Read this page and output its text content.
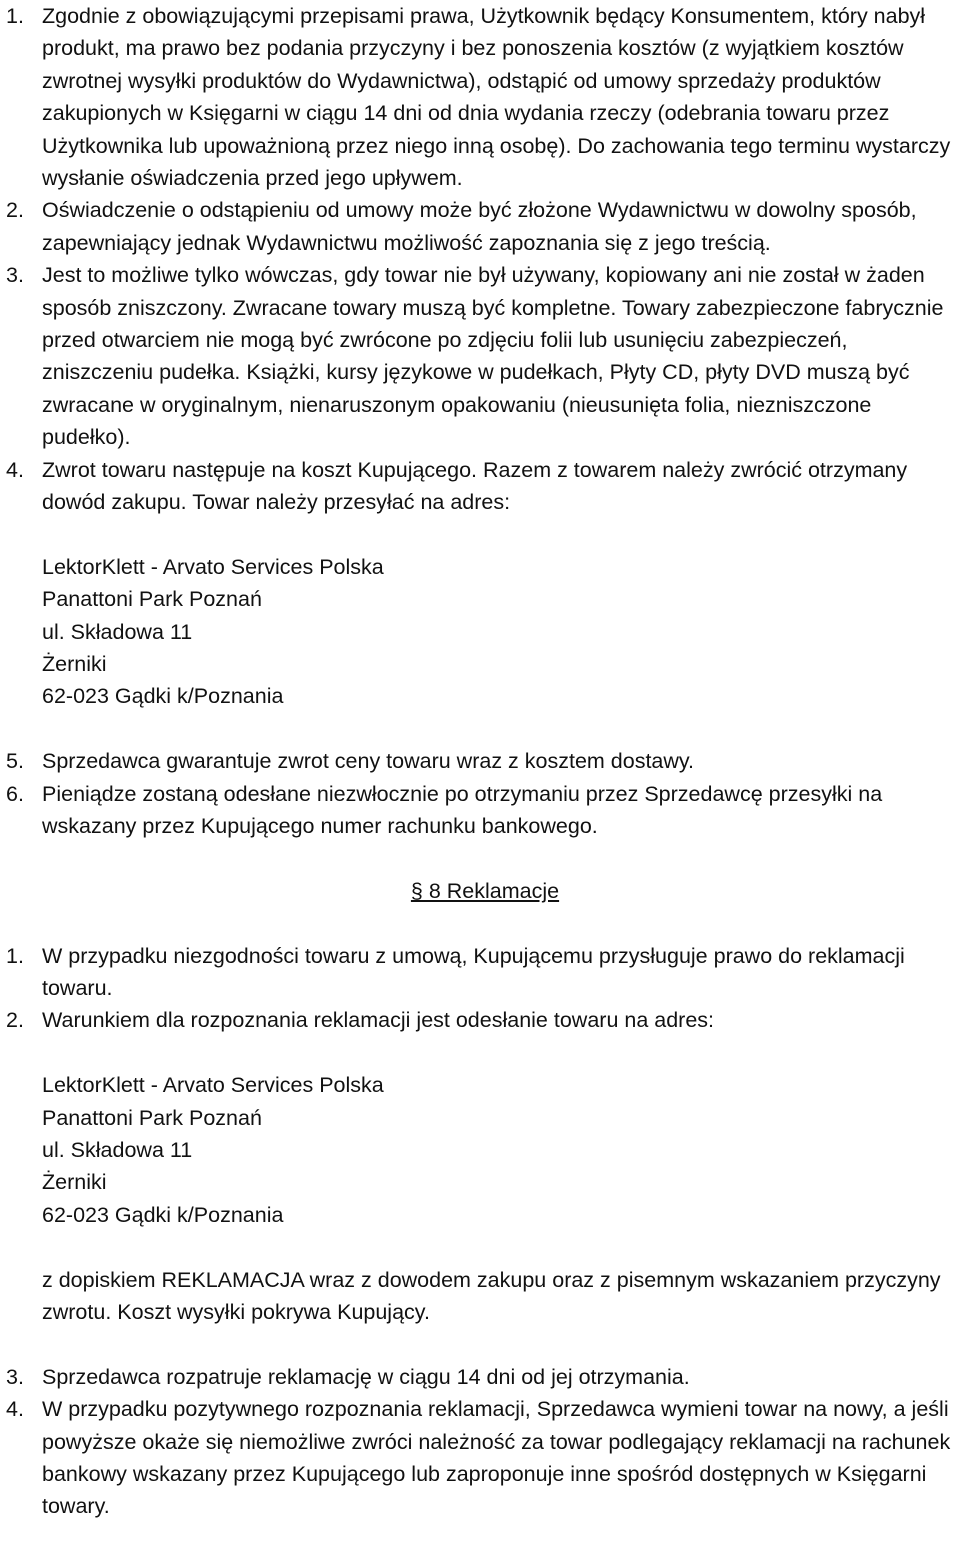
1. Zgodnie z obowiązującymi przepisami prawa, Użytkownik będący Konsumentem, który nabył produkt, ma prawo bez podania przyczyny i bez ponoszenia kosztów (z wyjątkiem kosztów zwrotnej wysyłki produktów do Wydawnictwa), odstąpić od umowy sprzedaży produktów zakupionych w Księgarni w ciągu 14 dni od dnia wydania rzeczy (odebrania towaru przez Użytkownika lub upoważnioną przez niego inną osobę). Do zachowania tego terminu wystarczy wysłanie oświadczenia przed jego upływem.
2. Oświadczenie o odstąpieniu od umowy może być złożone Wydawnictwu w dowolny sposób, zapewniający jednak Wydawnictwu możliwość zapoznania się z jego treścią.
3. Jest to możliwe tylko wówczas, gdy towar nie był używany, kopiowany ani nie został w żaden sposób zniszczony. Zwracane towary muszą być kompletne. Towary zabezpieczone fabrycznie przed otwarciem nie mogą być zwrócone po zdjęciu folii lub usunięciu zabezpieczeń, zniszczeniu pudełka. Książki, kursy językowe w pudełkach, Płyty CD, płyty DVD muszą być zwracane w oryginalnym, nienaruszonym opakowaniu (nieusunięta folia, niezniszczone pudełko).
4. Zwrot towaru następuje na koszt Kupującego. Razem z towarem należy zwrócić otrzymany dowód zakupu. Towar należy przesyłać na adres:
LektorKlett - Arvato Services Polska
Panattoni Park Poznań
ul. Składowa 11
Żerniki
62-023 Gądki k/Poznania
5. Sprzedawca gwarantuje zwrot ceny towaru wraz z kosztem dostawy.
6. Pieniądze zostaną odesłane niezwłocznie po otrzymaniu przez Sprzedawcę przesyłki na wskazany przez Kupującego numer rachunku bankowego.
§ 8 Reklamacje
1. W przypadku niezgodności towaru z umową, Kupującemu przysługuje prawo do reklamacji towaru.
2. Warunkiem dla rozpoznania reklamacji jest odesłanie towaru na adres:
LektorKlett - Arvato Services Polska
Panattoni Park Poznań
ul. Składowa 11
Żerniki
62-023 Gądki k/Poznania
z dopiskiem REKLAMACJA wraz z dowodem zakupu oraz z pisemnym wskazaniem przyczyny zwrotu. Koszt wysyłki pokrywa Kupujący.
3. Sprzedawca rozpatruje reklamację w ciągu 14 dni od jej otrzymania.
4. W przypadku pozytywnego rozpoznania reklamacji, Sprzedawca wymieni towar na nowy, a jeśli powyższe okaże się niemożliwe zwróci należność za towar podlegający reklamacji na rachunek bankowy wskazany przez Kupującego lub zaproponuje inne spośród dostępnych w Księgarni towary.
